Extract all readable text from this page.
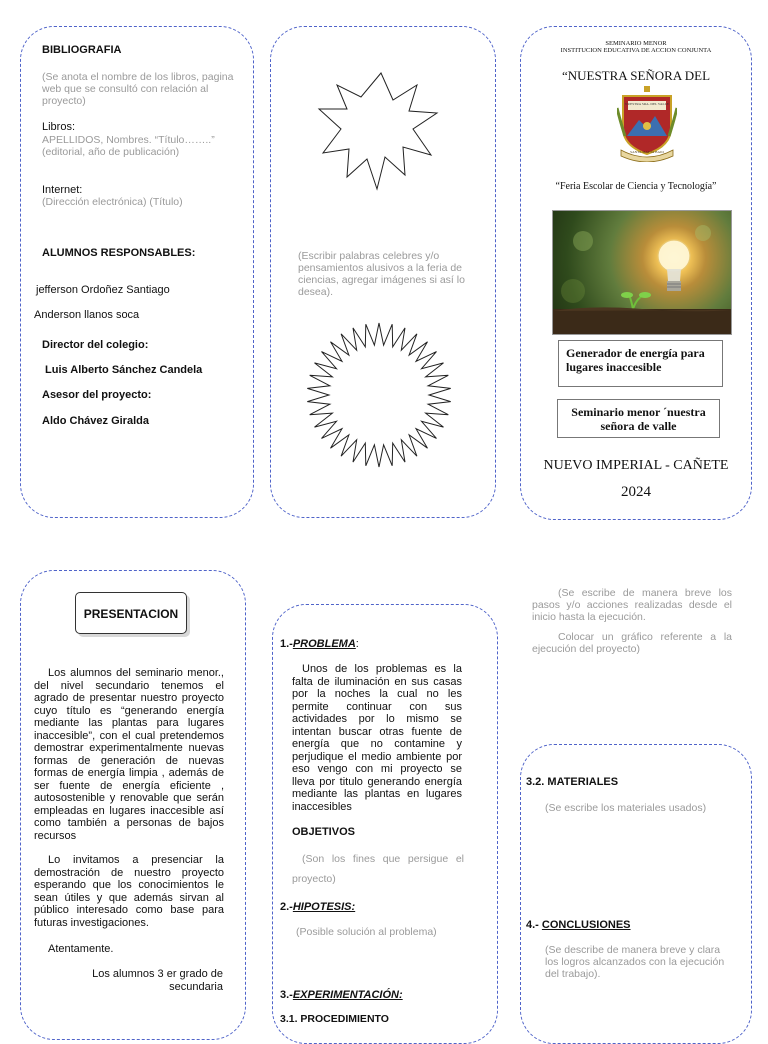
BIBLIOGRAFIA
(Se anota el nombre de los libros, pagina web que se consultó con relación al proyecto)
Libros:
APELLIDOS, Nombres. “Título……..”
(editorial, año de publicación)
Internet:
(Dirección electrónica) (Título)
ALUMNOS RESPONSABLES:
jefferson Ordoñez Santiago
Anderson llanos soca
Director del colegio:
Luis Alberto Sánchez Candela
Asesor del proyecto:
Aldo Chávez Giralda
(Escribir palabras celebres y/o pensamientos alusivos a la feria de ciencias, agregar imágenes si así lo desea).
SEMINARIO MENOR
INSTITUCION EDUCATIVA DE ACCION CONJUNTA
“NUESTRA SEÑORA DEL
NUESTRA SRA. DEL VALLE
SANTA MAYTA BAJO
“Feria Escolar de Ciencia y Tecnología”
Generador de energía para lugares inaccesible
Seminario menor ´nuestra señora de valle
NUEVO IMPERIAL - CAÑETE
2024
PRESENTACION
Los alumnos del seminario menor., del nivel secundario tenemos el agrado de presentar nuestro proyecto cuyo título es “generando energía mediante las plantas para lugares inaccesible”, con el cual pretendemos demostrar experimentalmente nuevas formas de generación de nuevas formas de energía limpia , además de ser fuente de energía eficiente , autosostenible y renovable que serán empleadas en lugares inaccesible así como también a personas de bajos recursos
Lo invitamos a presenciar la demostración de nuestro proyecto esperando que los conocimientos le sean útiles y que además sirvan al público interesado como base para futuras investigaciones.
Atentamente.
Los alumnos 3 er grado de
secundaria
1.-PROBLEMA:
Unos de los problemas es la falta de iluminación en sus casas por la noches la cual no les permite continuar con sus actividades por lo mismo se intentan buscar otras fuente de energía que no contamine y perjudique el medio ambiente por eso vengo con mi proyecto se lleva por titulo generando energía mediante las plantas en lugares inaccesibles
OBJETIVOS
(Son los fines que persigue el proyecto)
2.-HIPOTESIS:
(Posible solución al problema)
3.-EXPERIMENTACIÓN:
3.1. PROCEDIMIENTO
(Se escribe de manera breve los pasos y/o acciones realizadas desde el inicio hasta la ejecución.
Colocar un gráfico referente a la ejecución del proyecto)
3.2. MATERIALES
(Se escribe los materiales usados)
4.- CONCLUSIONES
(Se describe de manera breve y clara los logros alcanzados con la ejecución del trabajo).
